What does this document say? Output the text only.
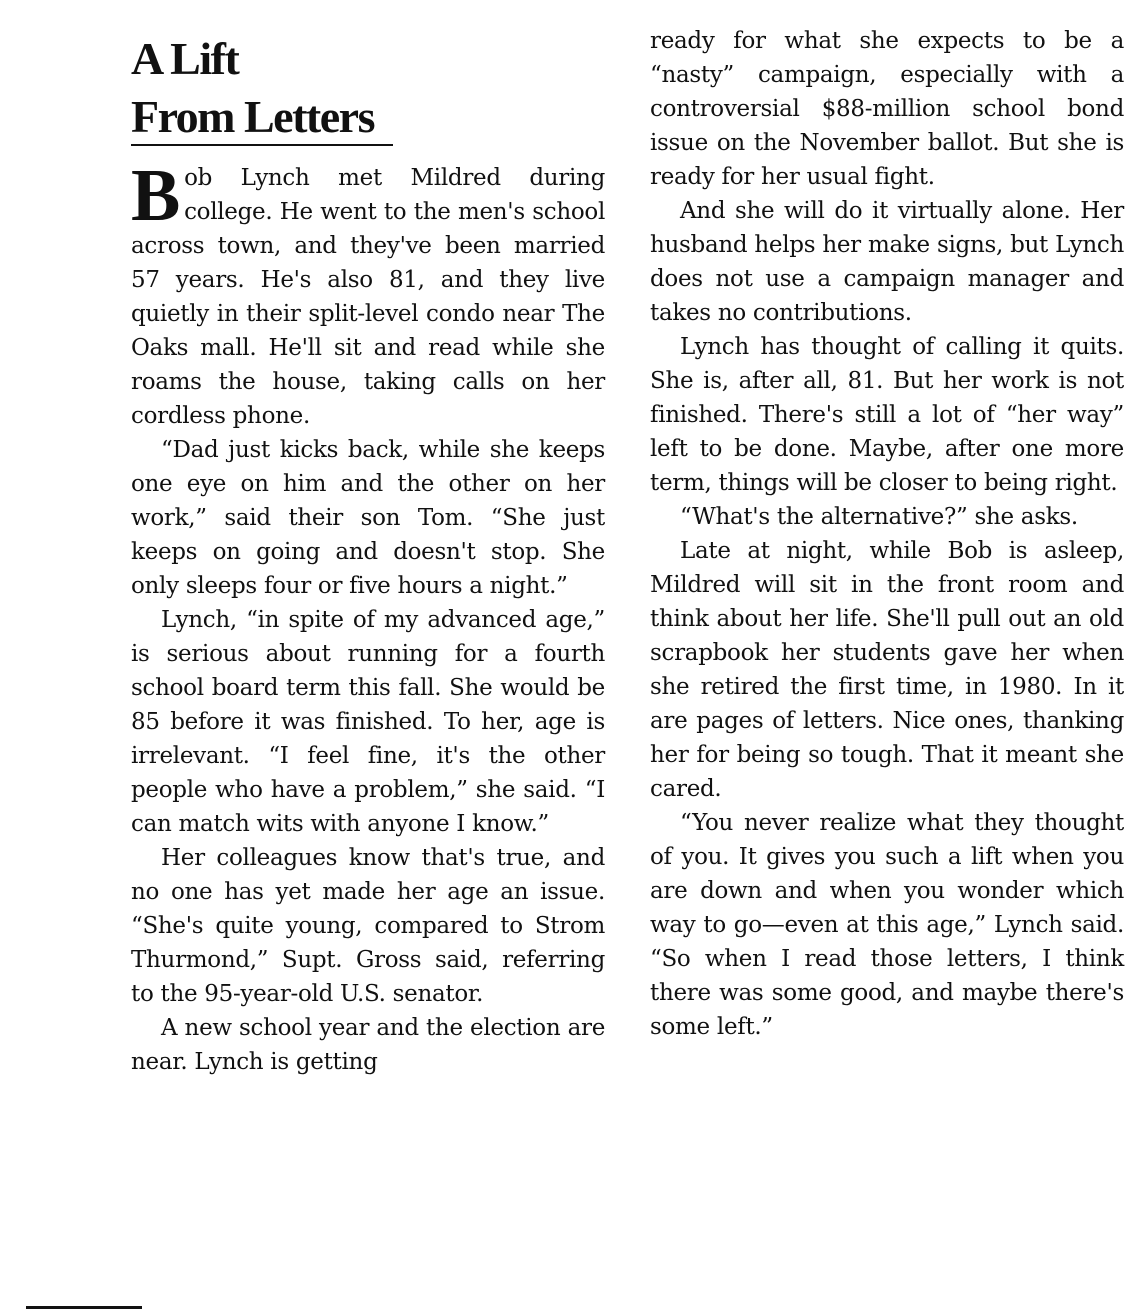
A Lift
From Letters

Bob Lynch met Mildred during college. He went to the men's school across town, and they've been married 57 years. He's also 81, and they live quietly in their split-level condo near The Oaks mall. He'll sit and read while she roams the house, taking calls on her cordless phone.

“Dad just kicks back, while she keeps one eye on him and the other on her work,” said their son Tom. “She just keeps on going and doesn't stop. She only sleeps four or five hours a night.”

Lynch, “in spite of my advanced age,” is serious about running for a fourth school board term this fall. She would be 85 before it was finished. To her, age is irrelevant. “I feel fine, it's the other people who have a problem,” she said. “I can match wits with anyone I know.”

Her colleagues know that's true, and no one has yet made her age an issue. “She's quite young, compared to Strom Thurmond,” Supt. Gross said, referring to the 95-year-old U.S. senator.

A new school year and the election are near. Lynch is getting

ready for what she expects to be a “nasty” campaign, especially with a controversial $88-million school bond issue on the November ballot. But she is ready for her usual fight.

And she will do it virtually alone. Her husband helps her make signs, but Lynch does not use a campaign manager and takes no contributions.

Lynch has thought of calling it quits. She is, after all, 81. But her work is not finished. There's still a lot of “her way” left to be done. Maybe, after one more term, things will be closer to being right.

“What's the alternative?” she asks.

Late at night, while Bob is asleep, Mildred will sit in the front room and think about her life. She'll pull out an old scrapbook her students gave her when she retired the first time, in 1980. In it are pages of letters. Nice ones, thanking her for being so tough. That it meant she cared.

“You never realize what they thought of you. It gives you such a lift when you are down and when you wonder which way to go—even at this age,” Lynch said. “So when I read those letters, I think there was some good, and maybe there's some left.”
